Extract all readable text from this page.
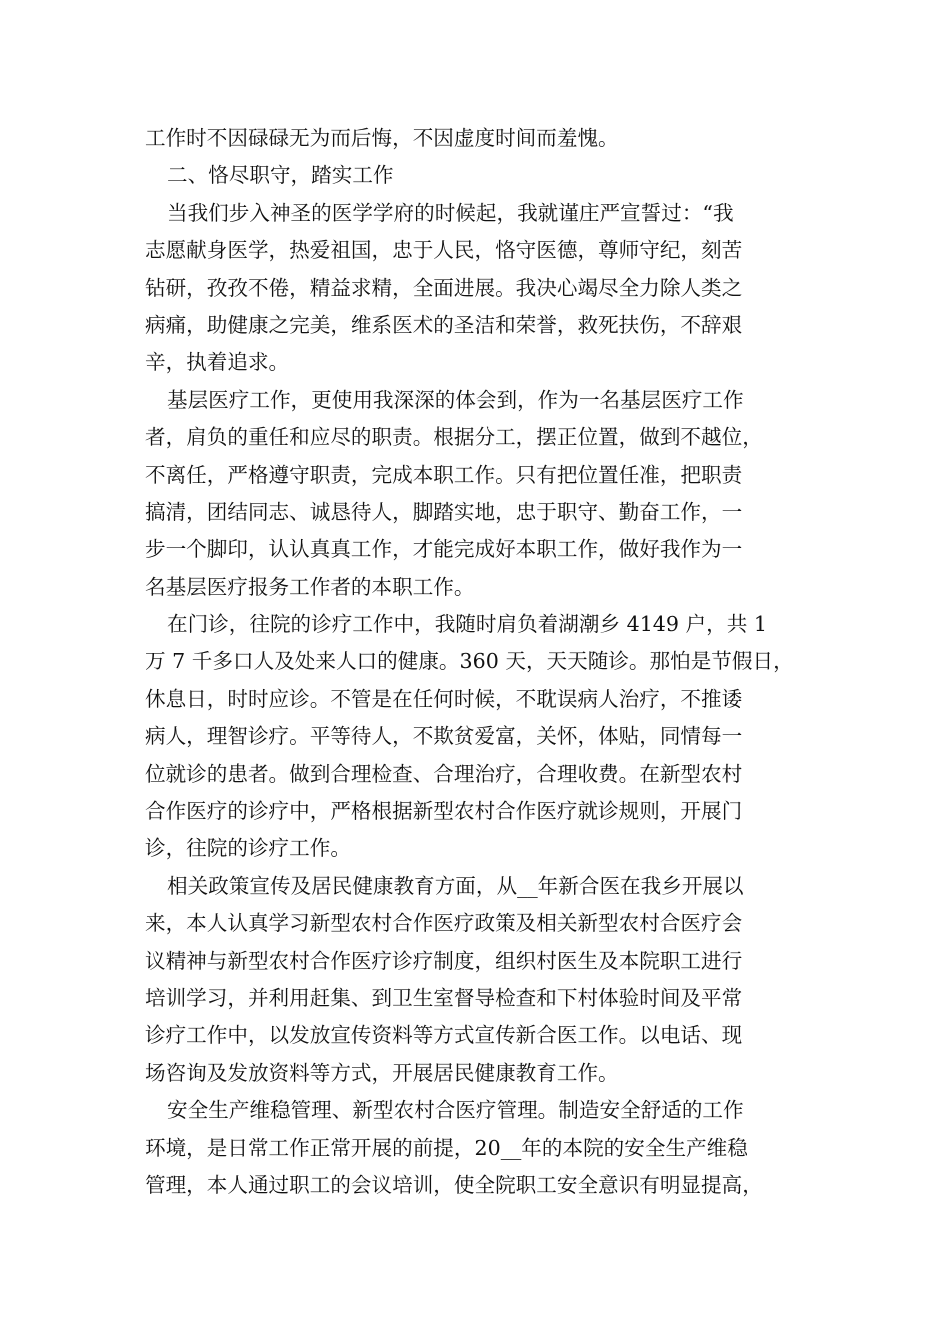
工作时不因碌碌无为而后悔，不因虚度时间而羞愧。
二、恪尽职守，踏实工作
当我们步入神圣的医学学府的时候起，我就谨庄严宣誓过：“我
志愿献身医学，热爱祖国，忠于人民，恪守医德，尊师守纪，刻苦
钻研，孜孜不倦，精益求精，全面进展。我决心竭尽全力除人类之
病痛，助健康之完美，维系医术的圣洁和荣誉，救死扶伤，不辞艰
辛，执着追求。
基层医疗工作，更使用我深深的体会到，作为一名基层医疗工作
者，肩负的重任和应尽的职责。根据分工，摆正位置，做到不越位，
不离任，严格遵守职责，完成本职工作。只有把位置任准，把职责
搞清，团结同志、诚恳待人，脚踏实地，忠于职守、勤奋工作，一
步一个脚印，认认真真工作，才能完成好本职工作，做好我作为一
名基层医疗报务工作者的本职工作。
在门诊，往院的诊疗工作中，我随时肩负着湖潮乡 4149 户，共 1
万 7 千多口人及处来人口的健康。360 天，天天随诊。那怕是节假日，
休息日，时时应诊。不管是在任何时候，不耽误病人治疗，不推诿
病人，理智诊疗。平等待人，不欺贫爱富，关怀，体贴，同情每一
位就诊的患者。做到合理检查、合理治疗，合理收费。在新型农村
合作医疗的诊疗中，严格根据新型农村合作医疗就诊规则，开展门
诊，往院的诊疗工作。
相关政策宣传及居民健康教育方面，从__年新合医在我乡开展以
来，本人认真学习新型农村合作医疗政策及相关新型农村合医疗会
议精神与新型农村合作医疗诊疗制度，组织村医生及本院职工进行
培训学习，并利用赶集、到卫生室督导检查和下村体验时间及平常
诊疗工作中，以发放宣传资料等方式宣传新合医工作。以电话、现
场咨询及发放资料等方式，开展居民健康教育工作。
安全生产维稳管理、新型农村合医疗管理。制造安全舒适的工作
环境，是日常工作正常开展的前提，20__年的本院的安全生产维稳
管理，本人通过职工的会议培训，使全院职工安全意识有明显提高，
